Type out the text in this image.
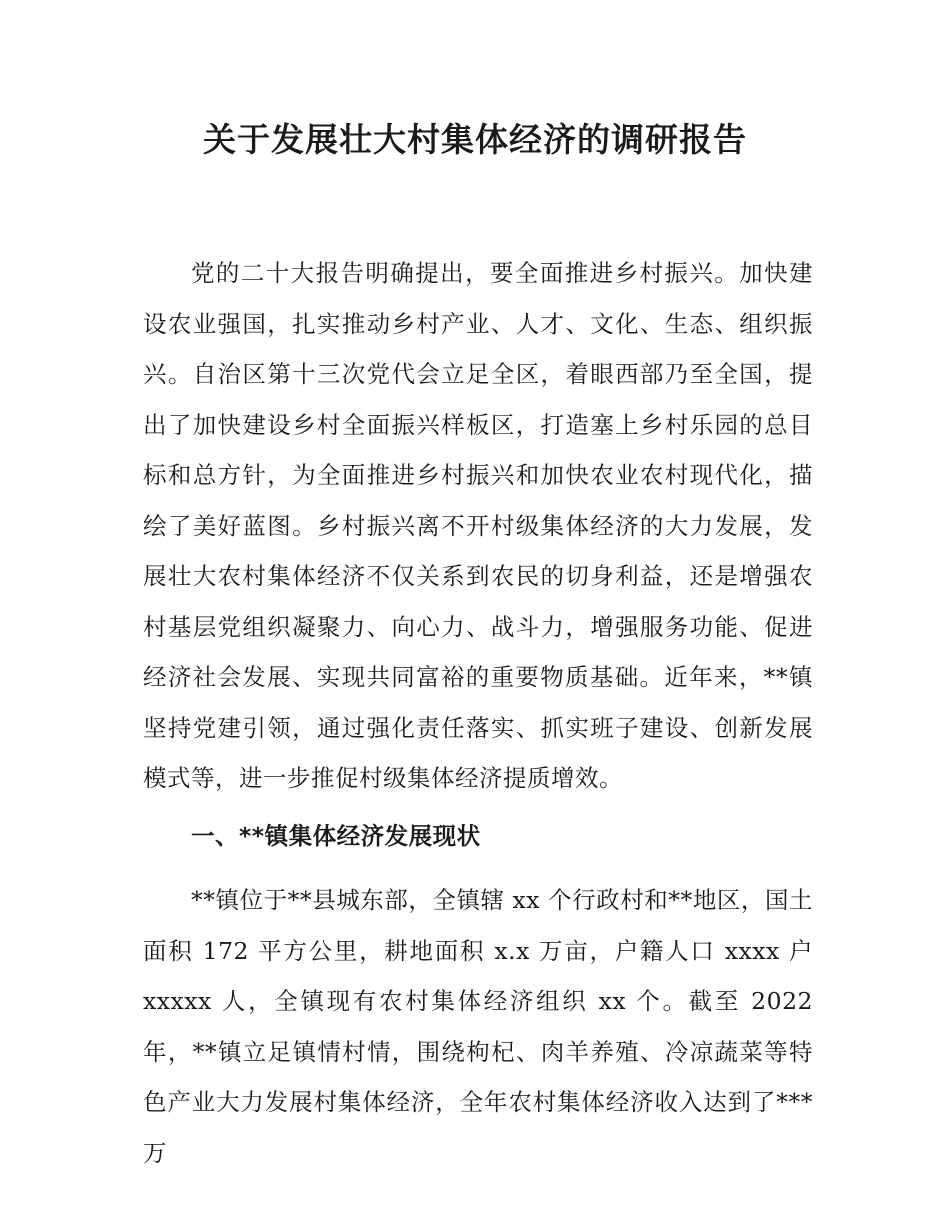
关于发展壮大村集体经济的调研报告

党的二十大报告明确提出，要全面推进乡村振兴。加快建设农业强国，扎实推动乡村产业、人才、文化、生态、组织振兴。自治区第十三次党代会立足全区，着眼西部乃至全国，提出了加快建设乡村全面振兴样板区，打造塞上乡村乐园的总目标和总方针，为全面推进乡村振兴和加快农业农村现代化，描绘了美好蓝图。乡村振兴离不开村级集体经济的大力发展，发展壮大农村集体经济不仅关系到农民的切身利益，还是增强农村基层党组织凝聚力、向心力、战斗力，增强服务功能、促进经济社会发展、实现共同富裕的重要物质基础。近年来，**镇坚持党建引领，通过强化责任落实、抓实班子建设、创新发展模式等，进一步推促村级集体经济提质增效。

一、**镇集体经济发展现状

**镇位于**县城东部，全镇辖 xx 个行政村和**地区，国土面积 172 平方公里，耕地面积 x.x 万亩，户籍人口 xxxx 户 xxxxx 人，全镇现有农村集体经济组织 xx 个。截至 2022 年，**镇立足镇情村情，围绕枸杞、肉羊养殖、冷凉蔬菜等特色产业大力发展村集体经济，全年农村集体经济收入达到了***万
